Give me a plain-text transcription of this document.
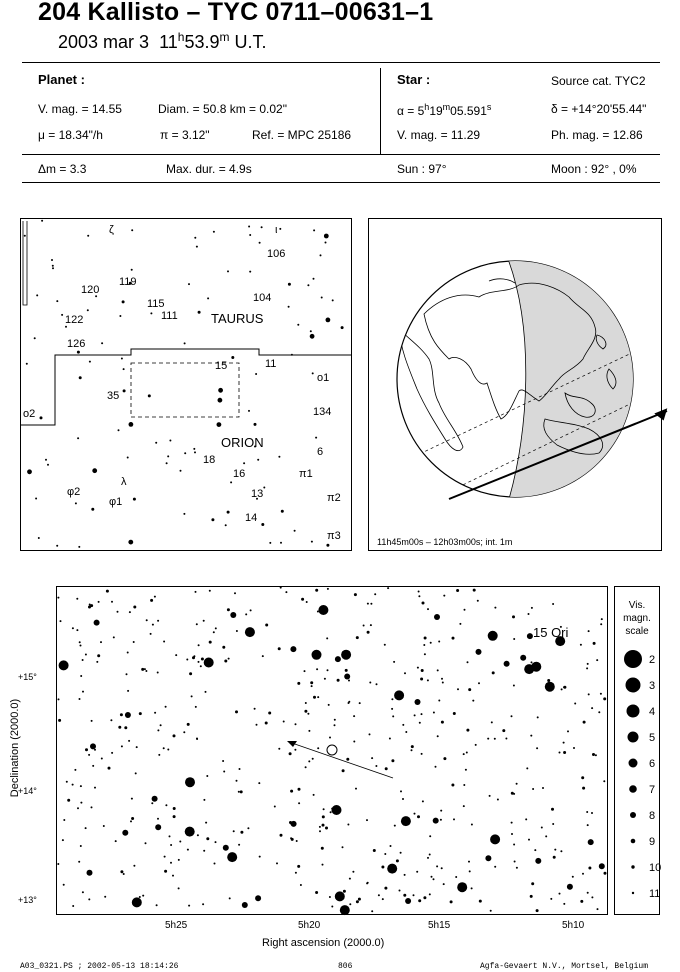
204 Kallisto – TYC 0711–00631–1
2003 mar 3 11$^h$53.9$^m$ U.T.
Planet :
V. mag. = 14.55	Diam. = 50.8 km = 0.02"
μ = 18.34"/h	π = 3.12"	Ref. = MPC 25186
Star :	Source cat. TYC2
$\alpha = 5^h19^m05.591^s$	δ = +14°20'55.44"
V. mag. = 11.29	Ph. mag. = 12.86
Δm = 3.3	Max. dur. = 4.9s	Sun : 97°	Moon : 92° , 0%
TAURUS
ORION
ζ	ι
106
119
120
115	104
122	111
126
15	11
35
ο1
ο2	134
6
18
λ
16	π1
φ2	13	π2
φ1
14
π3	11h45m00s – 12h03m00s; int. 1m
15 Ori
+15°
+14°
+13°
5h25	5h20	5h15	5h10
Right ascension (2000.0)
Declination (2000.0)
Vis.
magn.
scale
2
3
4
5
6
7
8
9
10
11
A03_0321.PS ; 2002-05-13 18:14:26	806	Agfa-Gevaert N.V., Mortsel, Belgium
